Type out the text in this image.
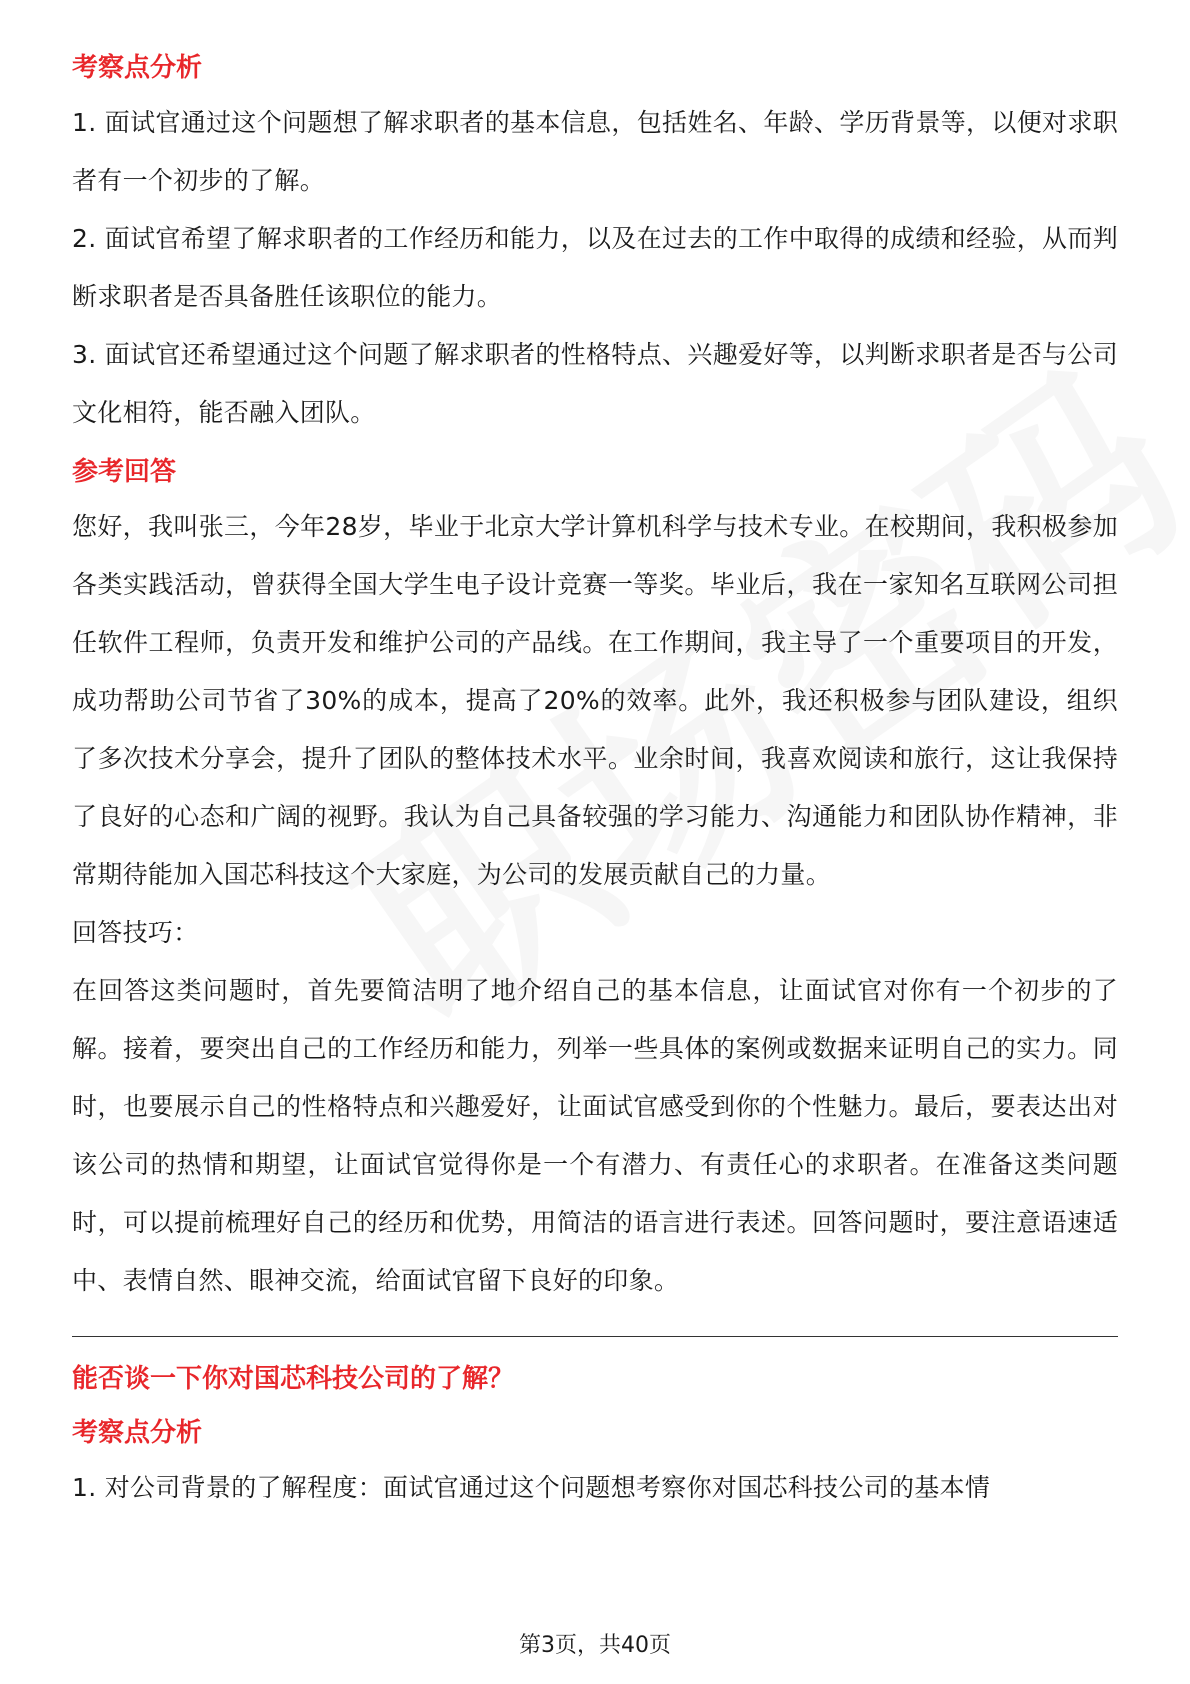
考察点分析

1. 面试官通过这个问题想了解求职者的基本信息，包括姓名、年龄、学历背景等，以便对求职者有一个初步的了解。

2. 面试官希望了解求职者的工作经历和能力，以及在过去的工作中取得的成绩和经验，从而判断求职者是否具备胜任该职位的能力。

3. 面试官还希望通过这个问题了解求职者的性格特点、兴趣爱好等，以判断求职者是否与公司文化相符，能否融入团队。

参考回答

您好，我叫张三，今年28岁，毕业于北京大学计算机科学与技术专业。在校期间，我积极参加各类实践活动，曾获得全国大学生电子设计竞赛一等奖。毕业后，我在一家知名互联网公司担任软件工程师，负责开发和维护公司的产品线。在工作期间，我主导了一个重要项目的开发，成功帮助公司节省了30%的成本，提高了20%的效率。此外，我还积极参与团队建设，组织了多次技术分享会，提升了团队的整体技术水平。业余时间，我喜欢阅读和旅行，这让我保持了良好的心态和广阔的视野。我认为自己具备较强的学习能力、沟通能力和团队协作精神，非常期待能加入国芯科技这个大家庭，为公司的发展贡献自己的力量。

回答技巧：

在回答这类问题时，首先要简洁明了地介绍自己的基本信息，让面试官对你有一个初步的了解。接着，要突出自己的工作经历和能力，列举一些具体的案例或数据来证明自己的实力。同时，也要展示自己的性格特点和兴趣爱好，让面试官感受到你的个性魅力。最后，要表达出对该公司的热情和期望，让面试官觉得你是一个有潜力、有责任心的求职者。在准备这类问题时，可以提前梳理好自己的经历和优势，用简洁的语言进行表述。回答问题时，要注意语速适中、表情自然、眼神交流，给面试官留下良好的印象。

能否谈一下你对国芯科技公司的了解？
考察点分析

1. 对公司背景的了解程度：面试官通过这个问题想考察你对国芯科技公司的基本情

第3页，共40页
